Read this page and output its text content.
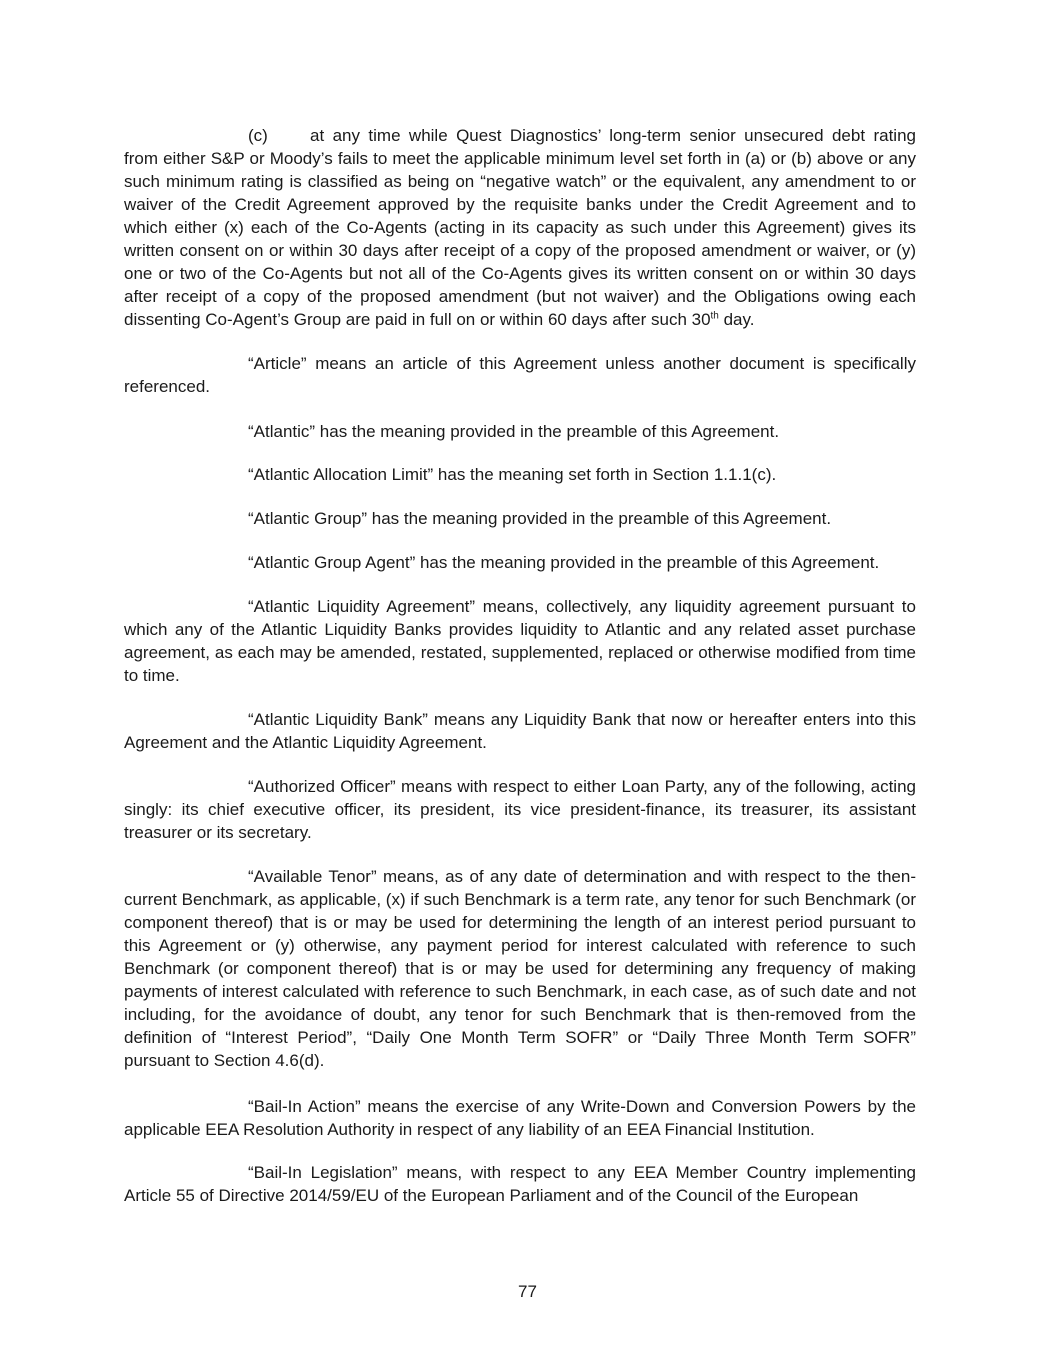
(c) at any time while Quest Diagnostics’ long-term senior unsecured debt rating from either S&P or Moody’s fails to meet the applicable minimum level set forth in (a) or (b) above or any such minimum rating is classified as being on “negative watch” or the equivalent, any amendment to or waiver of the Credit Agreement approved by the requisite banks under the Credit Agreement and to which either (x) each of the Co-Agents (acting in its capacity as such under this Agreement) gives its written consent on or within 30 days after receipt of a copy of the proposed amendment or waiver, or (y) one or two of the Co-Agents but not all of the Co-Agents gives its written consent on or within 30 days after receipt of a copy of the proposed amendment (but not waiver) and the Obligations owing each dissenting Co-Agent’s Group are paid in full on or within 60 days after such 30th day.

“Article” means an article of this Agreement unless another document is specifically referenced.

“Atlantic” has the meaning provided in the preamble of this Agreement.

“Atlantic Allocation Limit” has the meaning set forth in Section 1.1.1(c).

“Atlantic Group” has the meaning provided in the preamble of this Agreement.

“Atlantic Group Agent” has the meaning provided in the preamble of this Agreement.

“Atlantic Liquidity Agreement” means, collectively, any liquidity agreement pursuant to which any of the Atlantic Liquidity Banks provides liquidity to Atlantic and any related asset purchase agreement, as each may be amended, restated, supplemented, replaced or otherwise modified from time to time.

“Atlantic Liquidity Bank” means any Liquidity Bank that now or hereafter enters into this Agreement and the Atlantic Liquidity Agreement.

“Authorized Officer” means with respect to either Loan Party, any of the following, acting singly: its chief executive officer, its president, its vice president-finance, its treasurer, its assistant treasurer or its secretary.

“Available Tenor” means, as of any date of determination and with respect to the then-current Benchmark, as applicable, (x) if such Benchmark is a term rate, any tenor for such Benchmark (or component thereof) that is or may be used for determining the length of an interest period pursuant to this Agreement or (y) otherwise, any payment period for interest calculated with reference to such Benchmark (or component thereof) that is or may be used for determining any frequency of making payments of interest calculated with reference to such Benchmark, in each case, as of such date and not including, for the avoidance of doubt, any tenor for such Benchmark that is then-removed from the definition of “Interest Period”, “Daily One Month Term SOFR” or “Daily Three Month Term SOFR” pursuant to Section 4.6(d).

“Bail-In Action” means the exercise of any Write-Down and Conversion Powers by the applicable EEA Resolution Authority in respect of any liability of an EEA Financial Institution.

“Bail-In Legislation” means, with respect to any EEA Member Country implementing Article 55 of Directive 2014/59/EU of the European Parliament and of the Council of the European

77
